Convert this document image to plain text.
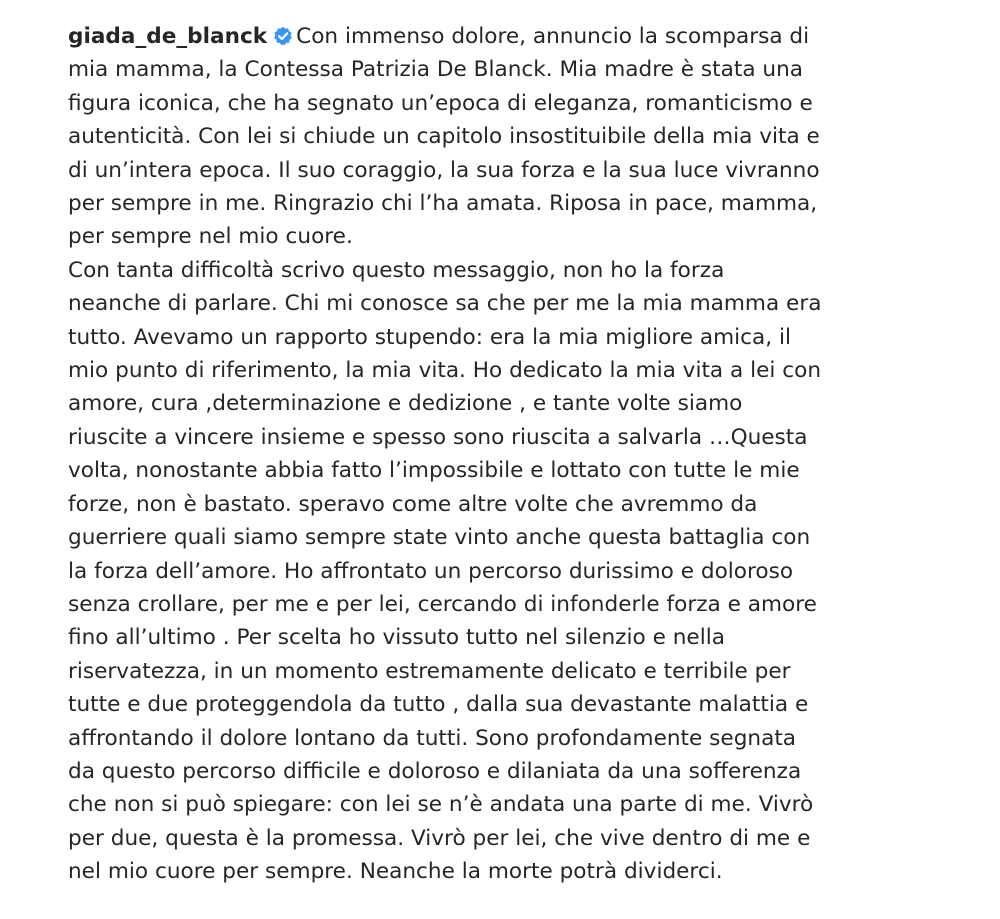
giada_de_blanck Con immenso dolore, annuncio la scomparsa di
mia mamma, la Contessa Patrizia De Blanck. Mia madre è stata una
figura iconica, che ha segnato un’epoca di eleganza, romanticismo e
autenticità. Con lei si chiude un capitolo insostituibile della mia vita e
di un’intera epoca. Il suo coraggio, la sua forza e la sua luce vivranno
per sempre in me. Ringrazio chi l’ha amata. Riposa in pace, mamma,
per sempre nel mio cuore.
Con tanta difficoltà scrivo questo messaggio, non ho la forza
neanche di parlare. Chi mi conosce sa che per me la mia mamma era
tutto. Avevamo un rapporto stupendo: era la mia migliore amica, il
mio punto di riferimento, la mia vita. Ho dedicato la mia vita a lei con
amore, cura ,determinazione e dedizione , e tante volte siamo
riuscite a vincere insieme e spesso sono riuscita a salvarla …Questa
volta, nonostante abbia fatto l’impossibile e lottato con tutte le mie
forze, non è bastato. speravo come altre volte che avremmo da
guerriere quali siamo sempre state vinto anche questa battaglia con
la forza dell’amore. Ho affrontato un percorso durissimo e doloroso
senza crollare, per me e per lei, cercando di infonderle forza e amore
fino all’ultimo . Per scelta ho vissuto tutto nel silenzio e nella
riservatezza, in un momento estremamente delicato e terribile per
tutte e due proteggendola da tutto , dalla sua devastante malattia e
affrontando il dolore lontano da tutti. Sono profondamente segnata
da questo percorso difficile e doloroso e dilaniata da una sofferenza
che non si può spiegare: con lei se n’è andata una parte di me. Vivrò
per due, questa è la promessa. Vivrò per lei, che vive dentro di me e
nel mio cuore per sempre. Neanche la morte potrà dividerci.
